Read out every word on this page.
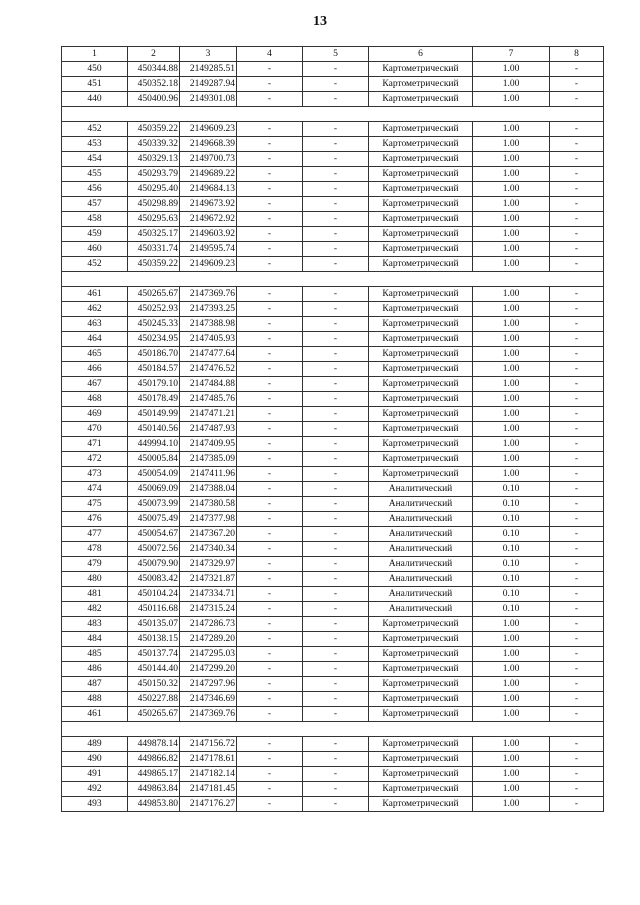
13
1	2	3	4	5	6	7	8
450	450344.88	2149285.51	-	-	Картометрический	1.00	-
451	450352.18	2149287.94	-	-	Картометрический	1.00	-
440	450400.96	2149301.08	-	-	Картометрический	1.00	-

452	450359.22	2149609.23	-	-	Картометрический	1.00	-
453	450339.32	2149668.39	-	-	Картометрический	1.00	-
454	450329.13	2149700.73	-	-	Картометрический	1.00	-
455	450293.79	2149689.22	-	-	Картометрический	1.00	-
456	450295.40	2149684.13	-	-	Картометрический	1.00	-
457	450298.89	2149673.92	-	-	Картометрический	1.00	-
458	450295.63	2149672.92	-	-	Картометрический	1.00	-
459	450325.17	2149603.92	-	-	Картометрический	1.00	-
460	450331.74	2149595.74	-	-	Картометрический	1.00	-
452	450359.22	2149609.23	-	-	Картометрический	1.00	-

461	450265.67	2147369.76	-	-	Картометрический	1.00	-
462	450252.93	2147393.25	-	-	Картометрический	1.00	-
463	450245.33	2147388.98	-	-	Картометрический	1.00	-
464	450234.95	2147405.93	-	-	Картометрический	1.00	-
465	450186.70	2147477.64	-	-	Картометрический	1.00	-
466	450184.57	2147476.52	-	-	Картометрический	1.00	-
467	450179.10	2147484.88	-	-	Картометрический	1.00	-
468	450178.49	2147485.76	-	-	Картометрический	1.00	-
469	450149.99	2147471.21	-	-	Картометрический	1.00	-
470	450140.56	2147487.93	-	-	Картометрический	1.00	-
471	449994.10	2147409.95	-	-	Картометрический	1.00	-
472	450005.84	2147385.09	-	-	Картометрический	1.00	-
473	450054.09	2147411.96	-	-	Картометрический	1.00	-
474	450069.09	2147388.04	-	-	Аналитический	0.10	-
475	450073.99	2147380.58	-	-	Аналитический	0.10	-
476	450075.49	2147377.98	-	-	Аналитический	0.10	-
477	450054.67	2147367.20	-	-	Аналитический	0.10	-
478	450072.56	2147340.34	-	-	Аналитический	0.10	-
479	450079.90	2147329.97	-	-	Аналитический	0.10	-
480	450083.42	2147321.87	-	-	Аналитический	0.10	-
481	450104.24	2147334.71	-	-	Аналитический	0.10	-
482	450116.68	2147315.24	-	-	Аналитический	0.10	-
483	450135.07	2147286.73	-	-	Картометрический	1.00	-
484	450138.15	2147289.20	-	-	Картометрический	1.00	-
485	450137.74	2147295.03	-	-	Картометрический	1.00	-
486	450144.40	2147299.20	-	-	Картометрический	1.00	-
487	450150.32	2147297.96	-	-	Картометрический	1.00	-
488	450227.88	2147346.69	-	-	Картометрический	1.00	-
461	450265.67	2147369.76	-	-	Картометрический	1.00	-

489	449878.14	2147156.72	-	-	Картометрический	1.00	-
490	449866.82	2147178.61	-	-	Картометрический	1.00	-
491	449865.17	2147182.14	-	-	Картометрический	1.00	-
492	449863.84	2147181.45	-	-	Картометрический	1.00	-
493	449853.80	2147176.27	-	-	Картометрический	1.00	-
